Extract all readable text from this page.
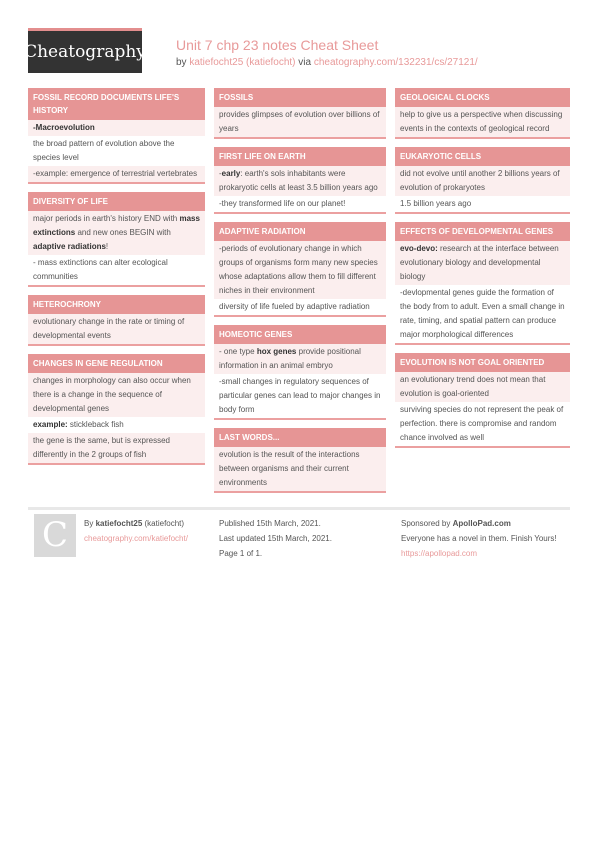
Cheatography Unit 7 chp 23 notes Cheat Sheet
by katiefocht25 (katiefocht) via cheatography.com/132231/cs/27121/
FOSSIL RECORD DOCUMENTS LIFE'S HISTORY
-Macroevolution
the broad pattern of evolution above the species level
-example: emergence of terrestrial vertebrates
DIVERSITY OF LIFE
major periods in earth's history END with mass extinctions and new ones BEGIN with adaptive radiations!
- mass extinctions can alter ecological communities
HETEROCHRONY
evolutionary change in the rate or timing of developmental events
CHANGES IN GENE REGULATION
changes in morphology can also occur when there is a change in the sequence of developmental genes
example: stickleback fish
the gene is the same, but is expressed differently in the 2 groups of fish
FOSSILS
provides glimpses of evolution over billions of years
FIRST LIFE ON EARTH
-early: earth's sols inhabitants were prokaryotic cells at least 3.5 billion years ago
-they transformed life on our planet!
ADAPTIVE RADIATION
-periods of evolutionary change in which groups of organisms form many new species whose adaptations allow them to fill different niches in their environment
diversity of life fueled by adaptive radiation
HOMEOTIC GENES
- one type hox genes provide positional information in an animal embryo
-small changes in regulatory sequences of particular genes can lead to major changes in body form
LAST WORDS...
evolution is the result of the interactions between organisms and their current environments
GEOLOGICAL CLOCKS
help to give us a perspective when discussing events in the contexts of geological record
EUKARYOTIC CELLS
did not evolve until another 2 billions years of evolution of prokaryotes
1.5 billion years ago
EFFECTS OF DEVELOPMENTAL GENES
evo-devo: research at the interface between evolutionary biology and developmental biology
-devlopmental genes guide the formation of the body from to adult. Even a small change in rate, timing, and spatial pattern can produce major morphological differences
EVOLUTION IS NOT GOAL ORIENTED
an evolutionary trend does not mean that evolution is goal-oriented
surviving species do not represent the peak of perfection. there is compromise and random chance involved as well
C	By katiefocht25 (katiefocht)
cheatography.com/katiefocht/
Published 15th March, 2021.
Last updated 15th March, 2021.
Page 1 of 1.
Sponsored by ApolloPad.com
Everyone has a novel in them. Finish Yours!
https://apollopad.com
